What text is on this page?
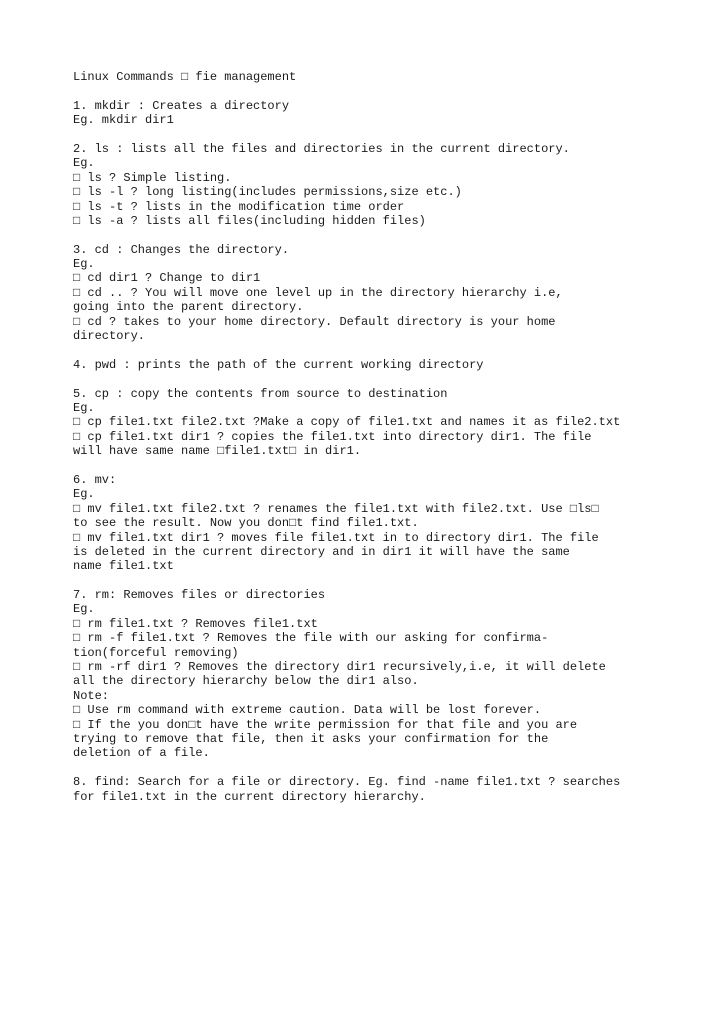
Linux Commands □ fie management
1. mkdir : Creates a directory
Eg. mkdir dir1
2. ls : lists all the files and directories in the current directory.
Eg.
□ ls ? Simple listing.
□ ls -l ? long listing(includes permissions,size etc.)
□ ls -t ? lists in the modification time order
□ ls -a ? lists all files(including hidden files)
3. cd : Changes the directory.
Eg.
□ cd dir1 ? Change to dir1
□ cd .. ? You will move one level up in the directory hierarchy i.e,
going into the parent directory.
□ cd ? takes to your home directory. Default directory is your home
directory.
4. pwd : prints the path of the current working directory
5. cp : copy the contents from source to destination
Eg.
□ cp file1.txt file2.txt ?Make a copy of file1.txt and names it as file2.txt
□ cp file1.txt dir1 ? copies the file1.txt into directory dir1. The file
will have same name □file1.txt□ in dir1.
6. mv:
Eg.
□ mv file1.txt file2.txt ? renames the file1.txt with file2.txt. Use □ls□
to see the result. Now you don□t find file1.txt.
□ mv file1.txt dir1 ? moves file file1.txt in to directory dir1. The file
is deleted in the current directory and in dir1 it will have the same
name file1.txt
7. rm: Removes files or directories
Eg.
□ rm file1.txt ? Removes file1.txt
□ rm -f file1.txt ? Removes the file with our asking for confirma-
tion(forceful removing)
□ rm -rf dir1 ? Removes the directory dir1 recursively,i.e, it will delete
all the directory hierarchy below the dir1 also.
Note:
□ Use rm command with extreme caution. Data will be lost forever.
□ If the you don□t have the write permission for that file and you are
trying to remove that file, then it asks your confirmation for the
deletion of a file.
8. find: Search for a file or directory. Eg. find -name file1.txt ? searches
for file1.txt in the current directory hierarchy.
